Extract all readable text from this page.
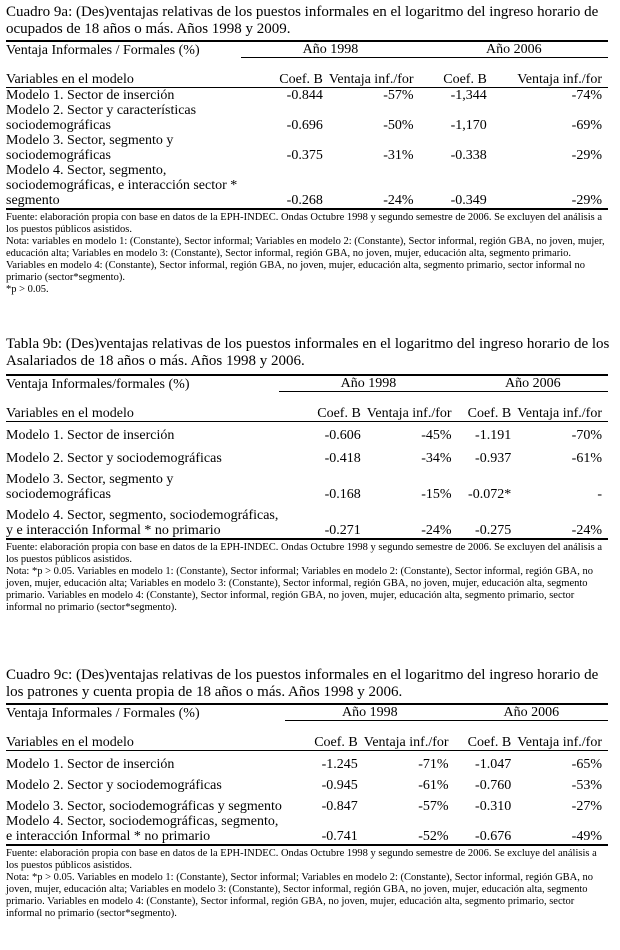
Cuadro 9a: (Des)ventajas relativas de los puestos informales en el logaritmo del ingreso horario de ocupados de 18 años o más. Años 1998 y 2009.

Ventaja Informales / Formales (%)	Año 1998		Año 2006	
Variables en el modelo	Coef. B	Ventaja inf./for	Coef. B	Ventaja inf./for
Modelo 1. Sector de inserción	-0.844	-57%	-1,344	-74%
Modelo 2. Sector y características sociodemográficas	-0.696	-50%	-1,170	-69%
Modelo 3. Sector, segmento y sociodemográficas	-0.375	-31%	-0.338	-29%
Modelo 4. Sector, segmento, sociodemográficas, e interacción sector * segmento	-0.268	-24%	-0.349	-29%

Fuente: elaboración propia con base en datos de la EPH-INDEC. Ondas Octubre 1998 y segundo semestre de 2006. Se excluyen del análisis a los puestos públicos asistidos.

Nota: variables en modelo 1: (Constante), Sector informal; Variables en modelo 2: (Constante), Sector informal, región GBA, no joven, mujer, educación alta; Variables en modelo 3: (Constante), Sector informal, región GBA, no joven, mujer, educación alta, segmento primario. Variables en modelo 4: (Constante), Sector informal, región GBA, no joven, mujer, educación alta, segmento primario, sector informal no primario (sector*segmento).

*p > 0.05.

Tabla 9b: (Des)ventajas relativas de los puestos informales en el logaritmo del ingreso horario de los Asalariados de 18 años o más. Años 1998 y 2006.

Ventaja Informales/formales (%)	Año 1998		Año 2006	
Variables en el modelo	Coef. B	Ventaja inf./for	Coef. B	Ventaja inf./for
Modelo 1. Sector de inserción	-0.606	-45%	-1.191	-70%
Modelo 2. Sector y sociodemográficas	-0.418	-34%	-0.937	-61%
Modelo 3. Sector, segmento y sociodemográficas	-0.168	-15%	-0.072*	-
Modelo 4. Sector, segmento, sociodemográficas, y e interacción Informal * no primario	-0.271	-24%	-0.275	-24%

Fuente: elaboración propia con base en datos de la EPH-INDEC. Ondas Octubre 1998 y segundo semestre de 2006. Se excluyen del análisis a los puestos públicos asistidos.

Nota: *p > 0.05. Variables en modelo 1: (Constante), Sector informal; Variables en modelo 2: (Constante), Sector informal, región GBA, no joven, mujer, educación alta; Variables en modelo 3: (Constante), Sector informal, región GBA, no joven, mujer, educación alta, segmento primario. Variables en modelo 4: (Constante), Sector informal, región GBA, no joven, mujer, educación alta, segmento primario, sector informal no primario (sector*segmento).

Cuadro 9c: (Des)ventajas relativas de los puestos informales en el logaritmo del ingreso horario de los patrones y cuenta propia de 18 años o más. Años 1998 y 2006.

Ventaja Informales / Formales (%)	Año 1998		Año 2006	
Variables en el modelo	Coef. B	Ventaja inf./for	Coef. B	Ventaja inf./for
Modelo 1. Sector de inserción	-1.245	-71%	-1.047	-65%
Modelo 2. Sector y sociodemográficas	-0.945	-61%	-0.760	-53%
Modelo 3. Sector, sociodemográficas y segmento	-0.847	-57%	-0.310	-27%
Modelo 4. Sector, sociodemográficas, segmento, e interacción Informal * no primario	-0.741	-52%	-0.676	-49%

Fuente: elaboración propia con base en datos de la EPH-INDEC. Ondas Octubre 1998 y segundo semestre de 2006. Se excluye del análisis a los puestos públicos asistidos.

Nota: *p > 0.05. Variables en modelo 1: (Constante), Sector informal; Variables en modelo 2: (Constante), Sector informal, región GBA, no joven, mujer, educación alta; Variables en modelo 3: (Constante), Sector informal, región GBA, no joven, mujer, educación alta, segmento primario. Variables en modelo 4: (Constante), Sector informal, región GBA, no joven, mujer, educación alta, segmento primario, sector informal no primario (sector*segmento).
